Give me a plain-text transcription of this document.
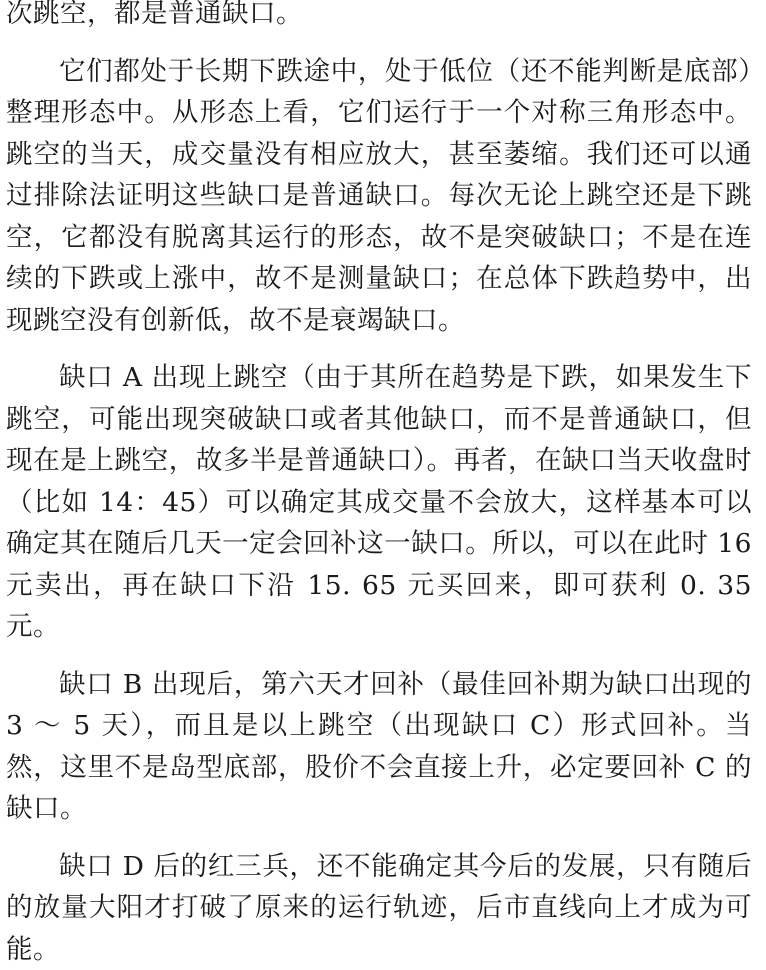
次跳空，都是普通缺口。

它们都处于长期下跌途中，处于低位（还不能判断是底部）整理形态中。从形态上看，它们运行于一个对称三角形态中。跳空的当天，成交量没有相应放大，甚至萎缩。我们还可以通过排除法证明这些缺口是普通缺口。每次无论上跳空还是下跳空，它都没有脱离其运行的形态，故不是突破缺口；不是在连续的下跌或上涨中，故不是测量缺口；在总体下跌趋势中，出现跳空没有创新低，故不是衰竭缺口。

缺口 A 出现上跳空（由于其所在趋势是下跌，如果发生下跳空，可能出现突破缺口或者其他缺口，而不是普通缺口，但现在是上跳空，故多半是普通缺口）。再者，在缺口当天收盘时（比如 14：45）可以确定其成交量不会放大，这样基本可以确定其在随后几天一定会回补这一缺口。所以，可以在此时 16 元卖出，再在缺口下沿 15. 65 元买回来，即可获利 0. 35 元。

缺口 B 出现后，第六天才回补（最佳回补期为缺口出现的 3 ～ 5 天），而且是以上跳空（出现缺口 C）形式回补。当然，这里不是岛型底部，股价不会直接上升，必定要回补 C 的缺口。

缺口 D 后的红三兵，还不能确定其今后的发展，只有随后的放量大阳才打破了原来的运行轨迹，后市直线向上才成为可能。
